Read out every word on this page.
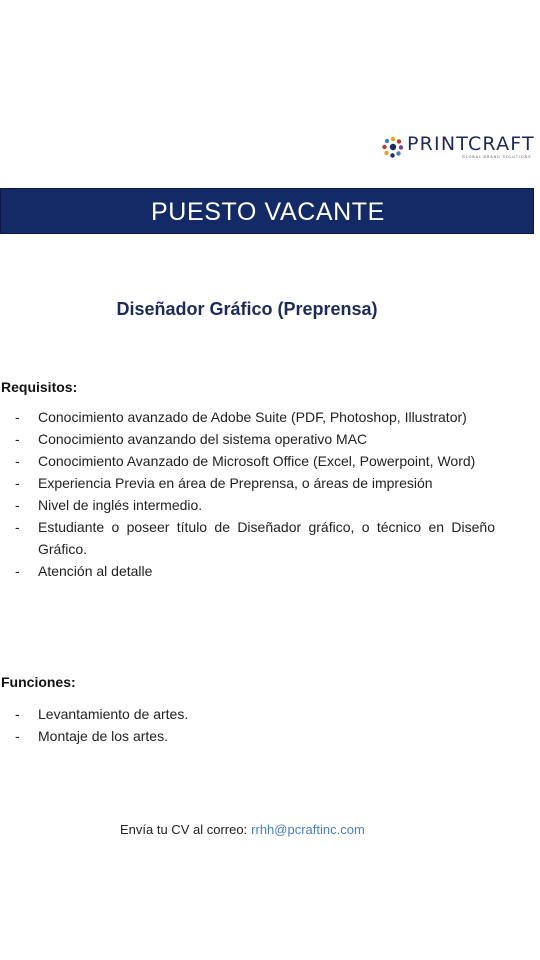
PRINTCRAFT
GLOBAL BRAND SOLUTIONS
PUESTO VACANTE
Diseñador Gráfico (Preprensa)
Requisitos:
- Conocimiento avanzado de Adobe Suite (PDF, Photoshop, Illustrator)
- Conocimiento avanzando del sistema operativo MAC
- Conocimiento Avanzado de Microsoft Office (Excel, Powerpoint, Word)
- Experiencia Previa en área de Preprensa, o áreas de impresión
- Nivel de inglés intermedio.
- Estudiante o poseer título de Diseñador gráfico, o técnico en Diseño Gráfico.
- Atención al detalle
Funciones:
- Levantamiento de artes.
- Montaje de los artes.
Envía tu CV al correo: rrhh@pcraftinc.com
